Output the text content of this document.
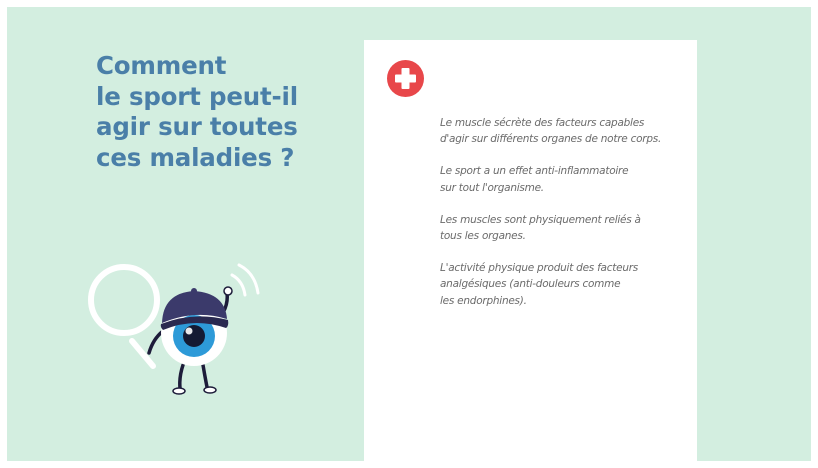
Comment
le sport peut-il
agir sur toutes
ces maladies ?

Le muscle sécrète des facteurs capables
d'agir sur différents organes de notre corps.

Le sport a un effet anti-inflammatoire
sur tout l'organisme.

Les muscles sont physiquement reliés à
tous les organes.

L'activité physique produit des facteurs
analgésiques (anti-douleurs comme
les endorphines).
